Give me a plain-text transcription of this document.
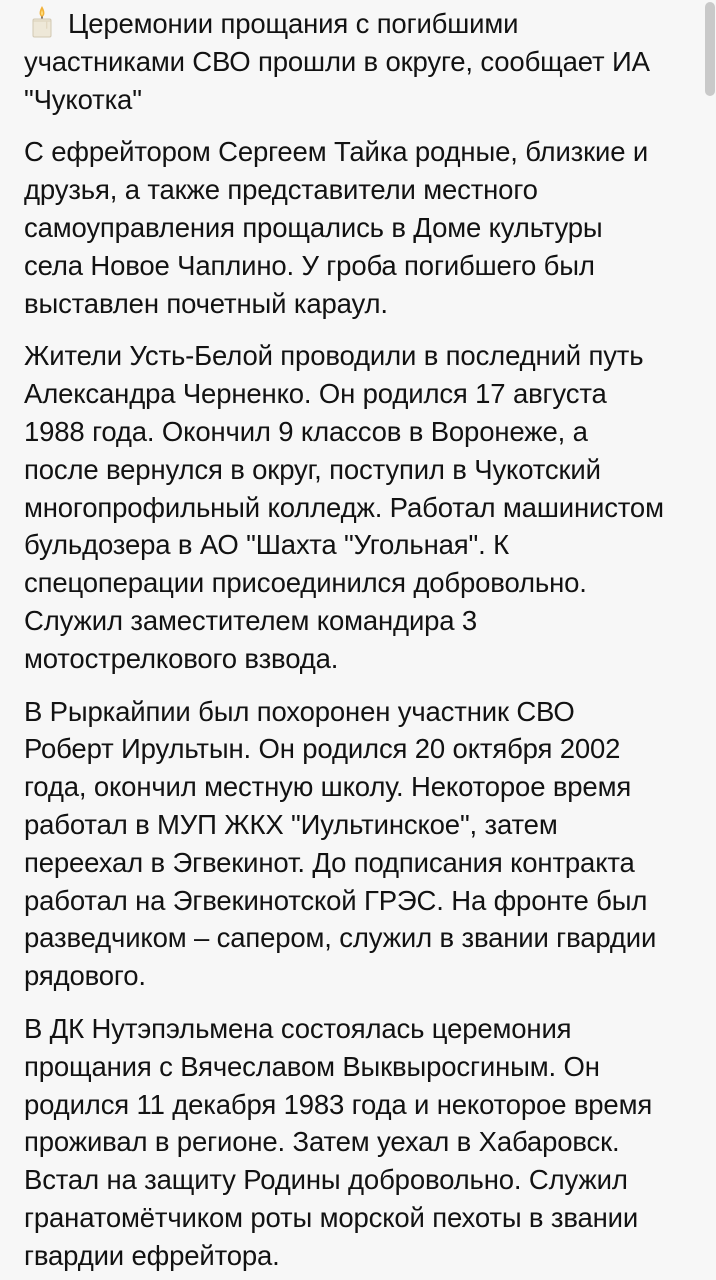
Церемонии прощания с погибшими
участниками СВО прошли в округе, сообщает ИА
"Чукотка"
С ефрейтором Сергеем Тайка родные, близкие и
друзья, а также представители местного
самоуправления прощались в Доме культуры
села Новое Чаплино. У гроба погибшего был
выставлен почетный караул.
Жители Усть-Белой проводили в последний путь
Александра Черненко. Он родился 17 августа
1988 года. Окончил 9 классов в Воронеже, а
после вернулся в округ, поступил в Чукотский
многопрофильный колледж. Работал машинистом
бульдозера в АО "Шахта "Угольная". К
спецоперации присоединился добровольно.
Служил заместителем командира 3
мотострелкового взвода.
В Рыркайпии был похоронен участник СВО
Роберт Ирультын. Он родился 20 октября 2002
года, окончил местную школу. Некоторое время
работал в МУП ЖКХ "Иультинское", затем
переехал в Эгвекинот. До подписания контракта
работал на Эгвекинотской ГРЭС. На фронте был
разведчиком – сапером, служил в звании гвардии
рядового.
В ДК Нутэпэльмена состоялась церемония
прощания с Вячеславом Выквыросгиным. Он
родился 11 декабря 1983 года и некоторое время
проживал в регионе. Затем уехал в Хабаровск.
Встал на защиту Родины добровольно. Служил
гранатомётчиком роты морской пехоты в звании
гвардии ефрейтора.
